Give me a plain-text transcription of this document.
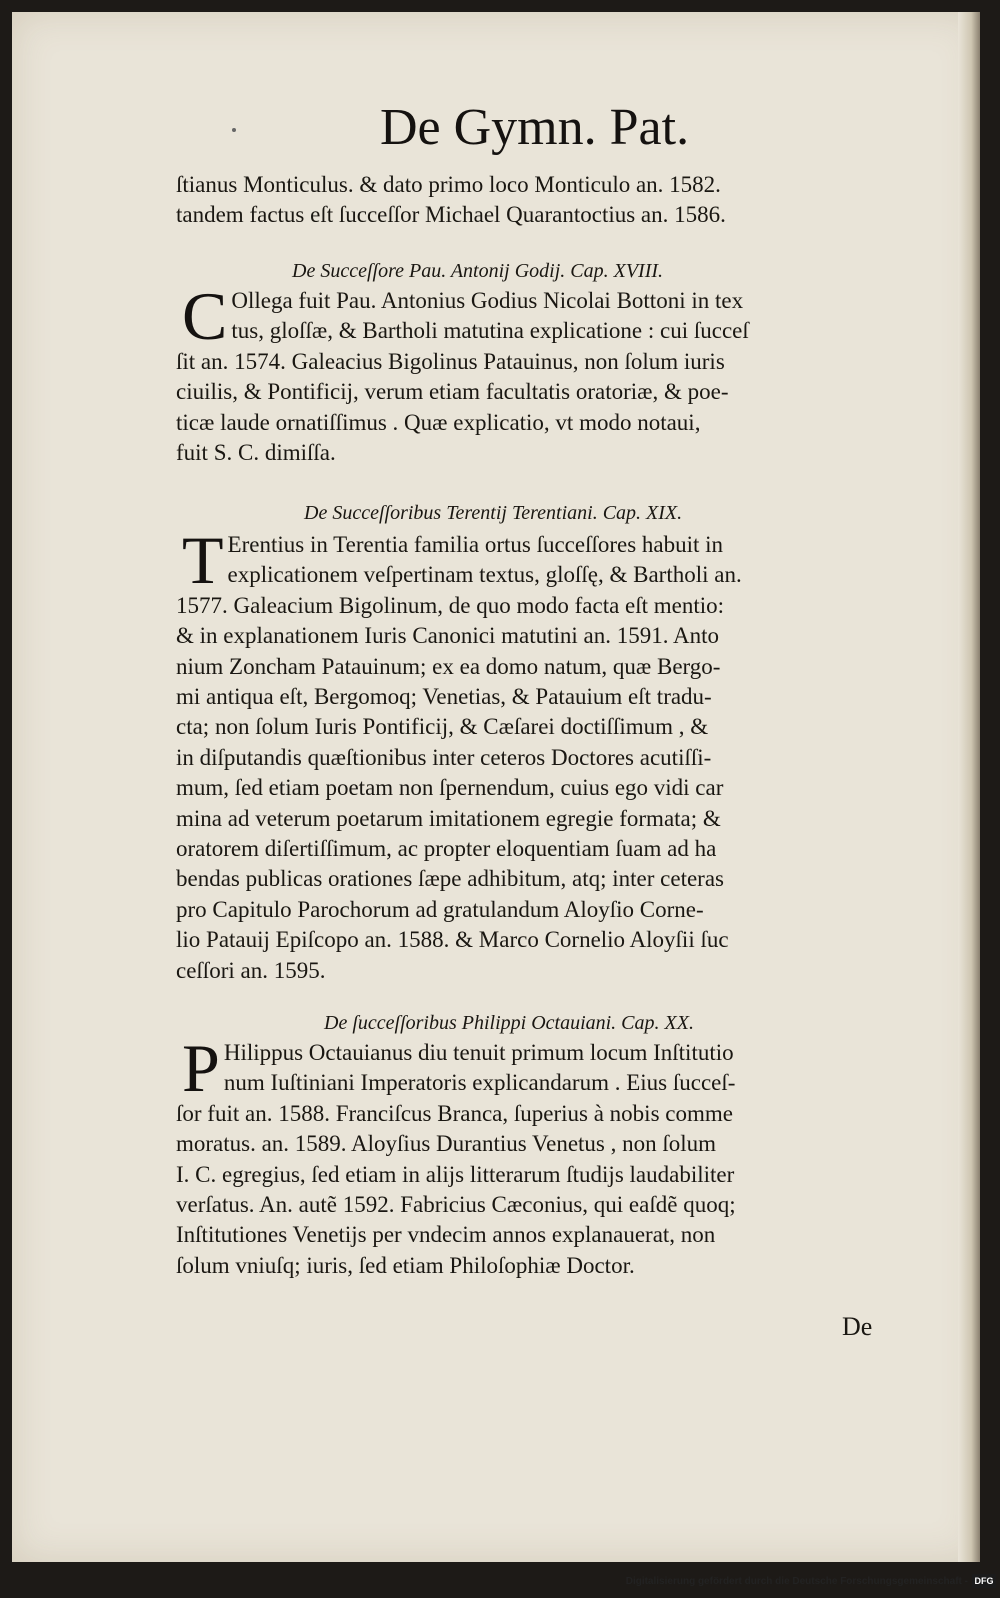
De Gymn. Pat.
ſtianus Monticulus. & dato primo loco Monticulo an. 1582.
tandem factus eſt ſucceſſor Michael Quarantoctius an. 1586.
De Succeſſore Pau. Antonij Godij. Cap. XVIII.
C Ollega fuit Pau. Antonius Godius Nicolai Bottoni in tex
tus, gloſſæ, & Bartholi matutina explicatione : cui ſucceſ
ſit an. 1574. Galeacius Bigolinus Patauinus, non ſolum iuris
ciuilis, & Pontificij, verum etiam facultatis oratoriæ, & poe-
ticæ laude ornatiſſimus . Quæ explicatio, vt modo notaui,
fuit S. C. dimiſſa.
De Succeſſoribus Terentij Terentiani. Cap. XIX.
T Erentius in Terentia familia ortus ſucceſſores habuit in
explicationem veſpertinam textus, gloſſę, & Bartholi an.
1577. Galeacium Bigolinum, de quo modo facta eſt mentio:
& in explanationem Iuris Canonici matutini an. 1591. Anto
nium Zoncham Patauinum; ex ea domo natum, quæ Bergo-
mi antiqua eſt, Bergomoq; Venetias, & Patauium eſt tradu-
cta; non ſolum Iuris Pontificij, & Cæſarei doctiſſimum , &
in diſputandis quæſtionibus inter ceteros Doctores acutiſſi-
mum, ſed etiam poetam non ſpernendum, cuius ego vidi car
mina ad veterum poetarum imitationem egregie formata; &
oratorem diſertiſſimum, ac propter eloquentiam ſuam ad ha
bendas publicas orationes ſæpe adhibitum, atq; inter ceteras
pro Capitulo Parochorum ad gratulandum Aloyſio Corne-
lio Patauij Epiſcopo an. 1588. & Marco Cornelio Aloyſii ſuc
ceſſori an. 1595.
De ſucceſſoribus Philippi Octauiani. Cap. XX.
P Hilippus Octauianus diu tenuit primum locum Inſtitutio
num Iuſtiniani Imperatoris explicandarum . Eius ſucceſ-
ſor fuit an. 1588. Franciſcus Branca, ſuperius à nobis comme
moratus. an. 1589. Aloyſius Durantius Venetus , non ſolum
I. C. egregius, ſed etiam in alijs litterarum ſtudijs laudabiliter
verſatus. An. autẽ 1592. Fabricius Cæconius, qui eaſdẽ quoq;
Inſtitutiones Venetijs per vndecim annos explanauerat, non
ſolum vniuſq; iuris, ſed etiam Philoſophiæ Doctor.
De
Digitalisierung gefördert durch die Deutsche Forschungsgemeinschaft - DFG
